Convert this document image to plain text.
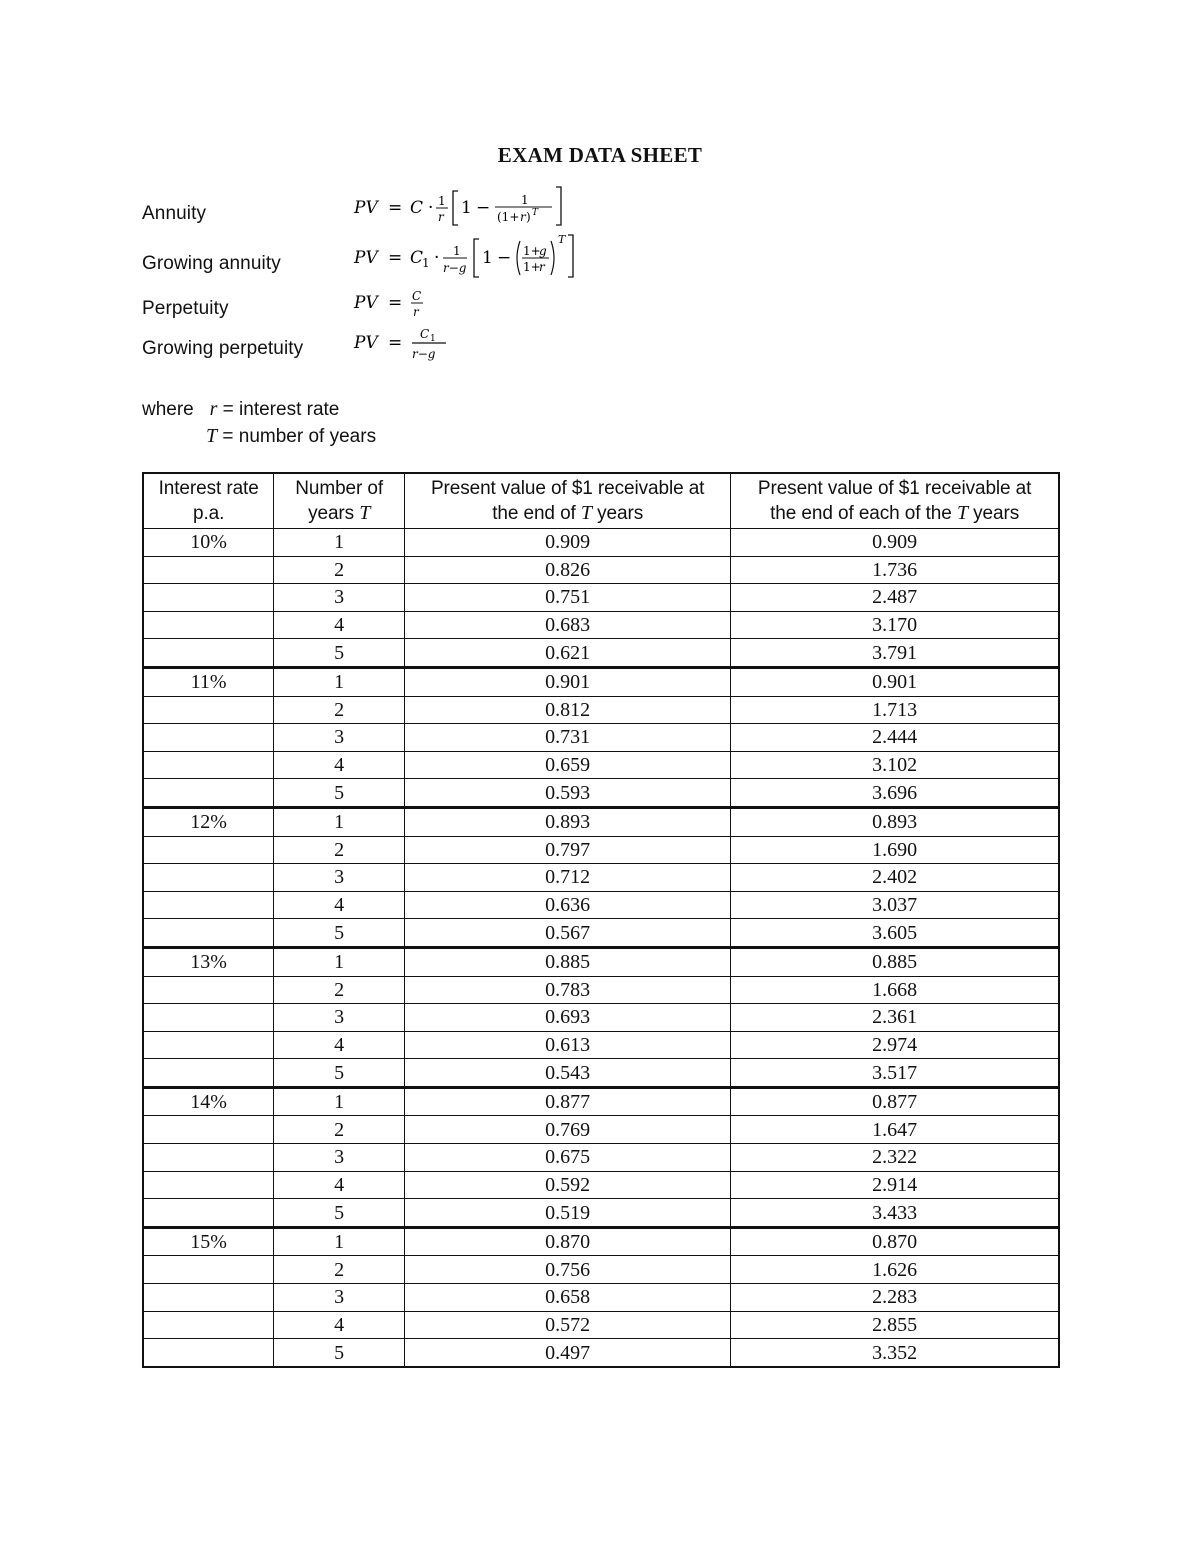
EXAM DATA SHEET
Annuity	PV = C · 1
r 1 −	1
(1+ r ) T
Growing annuity	PV = C
1 · 1
r−g 1 − 1+
g
1+
r
T
Perpetuity	PV = C
r
Growing perpetuity	PV = C 1
r−g
where r = interest rate
T = number of years
Interest rate
p.a.	Number of
years T	Present value of $1 receivable at
the end of T years	Present value of $1 receivable at
the end of each of the T years
10%	1	0.909	0.909
	2	0.826	1.736
	3	0.751	2.487
	4	0.683	3.170
	5	0.621	3.791
11%	1	0.901	0.901
	2	0.812	1.713
	3	0.731	2.444
	4	0.659	3.102
	5	0.593	3.696
12%	1	0.893	0.893
	2	0.797	1.690
	3	0.712	2.402
	4	0.636	3.037
	5	0.567	3.605
13%	1	0.885	0.885
	2	0.783	1.668
	3	0.693	2.361
	4	0.613	2.974
	5	0.543	3.517
14%	1	0.877	0.877
	2	0.769	1.647
	3	0.675	2.322
	4	0.592	2.914
	5	0.519	3.433
15%	1	0.870	0.870
	2	0.756	1.626
	3	0.658	2.283
	4	0.572	2.855
	5	0.497	3.352
